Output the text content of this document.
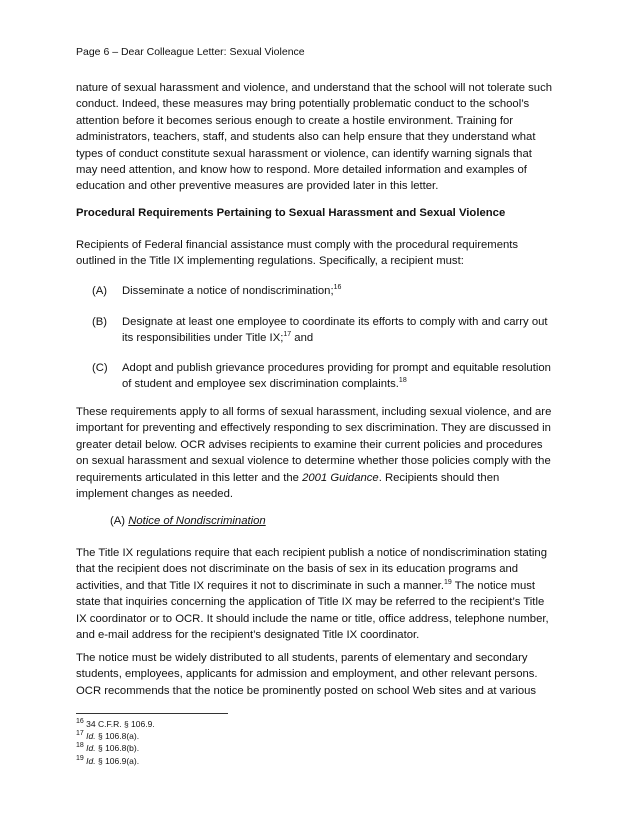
Page 6 – Dear Colleague Letter: Sexual Violence

nature of sexual harassment and violence, and understand that the school will not tolerate such
conduct. Indeed, these measures may bring potentially problematic conduct to the school’s
attention before it becomes serious enough to create a hostile environment. Training for
administrators, teachers, staff, and students also can help ensure that they understand what
types of conduct constitute sexual harassment or violence, can identify warning signals that
may need attention, and know how to respond. More detailed information and examples of
education and other preventive measures are provided later in this letter.

Procedural Requirements Pertaining to Sexual Harassment and Sexual Violence

Recipients of Federal financial assistance must comply with the procedural requirements
outlined in the Title IX implementing regulations. Specifically, a recipient must:

(A) Disseminate a notice of nondiscrimination;$^{16}$
(B) Designate at least one employee to coordinate its efforts to comply with and carry out
its responsibilities under Title IX;$^{17}$ and
(C) Adopt and publish grievance procedures providing for prompt and equitable resolution
of student and employee sex discrimination complaints.$^{18}$

These requirements apply to all forms of sexual harassment, including sexual violence, and are
important for preventing and effectively responding to sex discrimination. They are discussed in
greater detail below. OCR advises recipients to examine their current policies and procedures
on sexual harassment and sexual violence to determine whether those policies comply with the
requirements articulated in this letter and the 2001 Guidance. Recipients should then
implement changes as needed.

(A) Notice of Nondiscrimination

The Title IX regulations require that each recipient publish a notice of nondiscrimination stating
that the recipient does not discriminate on the basis of sex in its education programs and
activities, and that Title IX requires it not to discriminate in such a manner.$^{19}$ The notice must
state that inquiries concerning the application of Title IX may be referred to the recipient’s Title
IX coordinator or to OCR. It should include the name or title, office address, telephone number,
and e-mail address for the recipient’s designated Title IX coordinator.

The notice must be widely distributed to all students, parents of elementary and secondary
students, employees, applicants for admission and employment, and other relevant persons.
OCR recommends that the notice be prominently posted on school Web sites and at various

$^{16}$ 34 C.F.R. § 106.9.
$^{17}$ Id. § 106.8(a).
$^{18}$ Id. § 106.8(b).
$^{19}$ Id. § 106.9(a).
